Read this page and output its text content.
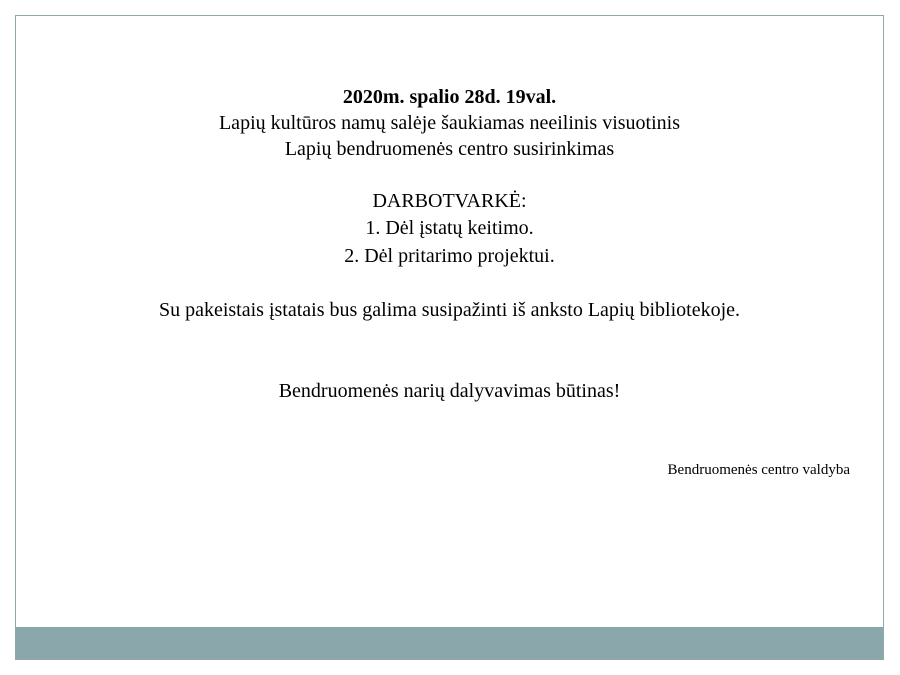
2020m. spalio 28d. 19val.
Lapių kultūros namų salėje šaukiamas neeilinis visuotinis
Lapių bendruomenės centro susirinkimas
DARBOTVARKĖ:
1. Dėl įstatų keitimo.
2. Dėl pritarimo projektui.
Su pakeistais įstatais bus galima susipažinti iš anksto Lapių bibliotekoje.
Bendruomenės narių dalyvavimas būtinas!
Bendruomenės centro valdyba
